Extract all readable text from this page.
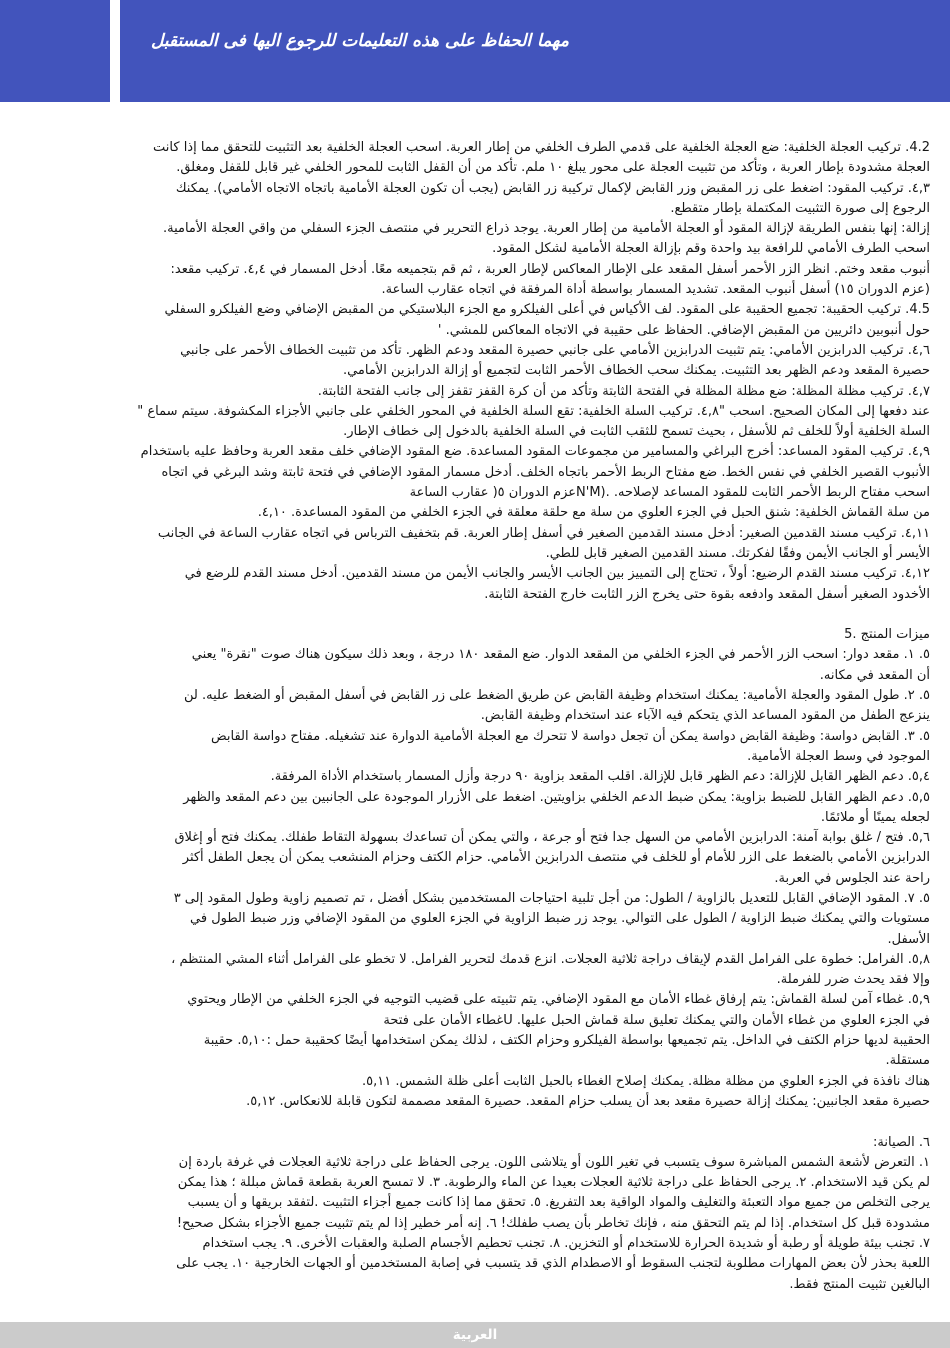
مهما الحفاظ على هذه التعليمات للرجوع اليها فى المستقبل
4.2. تركيب العجلة الخلفية: ضع العجلة الخلفية على قدمي الطرف الخلفي من إطار العربة. اسحب العجلة الخلفية بعد التثبيت للتحقق مما إذا كانت
العجلة مشدودة بإطار العربة ، وتأكد من تثبيت العجلة على محور يبلغ ١٠ ملم. تأكد من أن القفل الثابت للمحور الخلفي غير قابل للقفل ومغلق.
٤,٣. تركيب المقود: اضغط على زر المقبض وزر القابض لإكمال تركيبة زر القابض (يجب أن تكون العجلة الأمامية باتجاه الاتجاه الأمامي). يمكنك
الرجوع إلى صورة التثبيت المكتملة بإطار متقطع.
إزالة: إنها بنفس الطريقة لإزالة المقود أو العجلة الأمامية من إطار العربة. يوجد ذراع التحرير في منتصف الجزء السفلي من واقي العجلة الأمامية.
اسحب الطرف الأمامي للرافعة بيد واحدة وقم بإزالة العجلة الأمامية لشكل المقود.
أنبوب مقعد وختم. انظر الزر الأحمر أسفل المقعد على الإطار المعاكس لإطار العربة ، ثم قم بتجميعه معًا. أدخل المسمار في ٤,٤. تركيب مقعد:
(عزم الدوران ١٥) أسفل أنبوب المقعد. تشديد المسمار بواسطة أداة المرفقة في اتجاه عقارب الساعة.
4.5. تركيب الحقيبة: تجميع الحقيبة على المقود. لف الأكياس في أعلى الفيلكرو مع الجزء البلاستيكي من المقبض الإضافي وضع الفيلكرو السفلي
حول أنبوبين دائريين من المقبض الإضافي. الحفاظ على حقيبة في الاتجاه المعاكس للمشي. '
٤,٦. تركيب الدرابزين الأمامي: يتم تثبيت الدرابزين الأمامي على جانبي حصيرة المقعد ودعم الظهر. تأكد من تثبيت الخطاف الأحمر على جانبي
حصيرة المقعد ودعم الظهر بعد التثبيت. يمكنك سحب الخطاف الأحمر الثابت لتجميع أو إزالة الدرابزين الأمامي.
٤,٧. تركيب مظلة المظلة: ضع مظلة المظلة في الفتحة الثابتة وتأكد من أن كرة القفز تقفز إلى جانب الفتحة الثابتة.
عند دفعها إلى المكان الصحيح. اسحب "٤,٨. تركيب السلة الخلفية: تقع السلة الخلفية في المحور الخلفي على جانبي الأجزاء المكشوفة. سيتم سماع "
السلة الخلفية أولاً للخلف ثم للأسفل ، بحيث تسمح للثقب الثابت في السلة الخلفية بالدخول إلى خطاف الإطار.
٤,٩. تركيب المقود المساعد: أخرج البراغي والمسامير من مجموعات المقود المساعدة. ضع المقود الإضافي خلف مقعد العربة وحافظ عليه باستخدام
الأنبوب القصير الخلفي في نفس الخط. ضع مفتاح الربط الأحمر باتجاه الخلف. أدخل مسمار المقود الإضافي في فتحة ثابتة وشد البرغي في اتجاه
اسحب مفتاح الربط الأحمر الثابت للمقود المساعد لإصلاحه. .(N'Mعزم الدوران ٥( عقارب الساعة
من سلة القماش الخلفية: شنق الحبل في الجزء العلوي من سلة مع حلقة معلقة في الجزء الخلفي من المقود المساعدة. ٤,١٠.
٤,١١. تركيب مسند القدمين الصغير: أدخل مسند القدمين الصغير في أسفل إطار العربة. قم بتخفيف الترباس في اتجاه عقارب الساعة في الجانب
الأيسر أو الجانب الأيمن وفقًا لفكرتك. مسند القدمين الصغير قابل للطي.
٤,١٢. تركيب مسند القدم الرضيع: أولاً ، تحتاج إلى التمييز بين الجانب الأيسر والجانب الأيمن من مسند القدمين. أدخل مسند القدم للرضع في
الأخدود الصغير أسفل المقعد وادفعه بقوة حتى يخرج الزر الثابت خارج الفتحة الثابتة.

ميزات المنتج .5
٥. ١. مقعد دوار: اسحب الزر الأحمر في الجزء الخلفي من المقعد الدوار. ضع المقعد ١٨٠ درجة ، وبعد ذلك سيكون هناك صوت "نقرة" يعني
أن المقعد في مكانه.
٥. ٢. طول المقود والعجلة الأمامية: يمكنك استخدام وظيفة القابض عن طريق الضغط على زر القابض في أسفل المقبض أو الضغط عليه. لن
ينزعج الطفل من المقود المساعد الذي يتحكم فيه الآباء عند استخدام وظيفة القابض.
٥. ٣. القابض دواسة: وظيفة القابض دواسة يمكن أن تجعل دواسة لا تتحرك مع العجلة الأمامية الدوارة عند تشغيله. مفتاح دواسة القابض
الموجود في وسط العجلة الأمامية.
٥,٤. دعم الظهر القابل للإزالة: دعم الظهر قابل للإزالة. اقلب المقعد بزاوية ٩٠ درجة وأزل المسمار باستخدام الأداة المرفقة.
٥,٥. دعم الظهر القابل للضبط بزاوية: يمكن ضبط الدعم الخلفي بزاويتين. اضغط على الأزرار الموجودة على الجانبين بين دعم المقعد والظهر
لجعله يمينًا أو ملائمًا.
٥,٦. فتح / غلق بوابة آمنة: الدرابزين الأمامي من السهل جدا فتح أو جرعة ، والتي يمكن أن تساعدك بسهولة التقاط طفلك. يمكنك فتح أو إغلاق
الدرابزين الأمامي بالضغط على الزر للأمام أو للخلف في منتصف الدرابزين الأمامي. حزام الكتف وحزام المنشعب يمكن أن يجعل الطفل أكثر
راحة عند الجلوس في العربة.
٥. ٧. المقود الإضافي القابل للتعديل بالزاوية / الطول: من أجل تلبية احتياجات المستخدمين بشكل أفضل ، تم تصميم زاوية وطول المقود إلى ٣
مستويات والتي يمكنك ضبط الزاوية / الطول على التوالي. يوجد زر ضبط الزاوية في الجزء العلوي من المقود الإضافي وزر ضبط الطول في
الأسفل.
٥,٨. الفرامل: خطوة على الفرامل القدم لإيقاف دراجة ثلاثية العجلات. انزع قدمك لتحرير الفرامل. لا تخطو على الفرامل أثناء المشي المنتظم ،
وإلا فقد يحدث ضرر للفرملة.
٥,٩. غطاء آمن لسلة القماش: يتم إرفاق غطاء الأمان مع المقود الإضافي. يتم تثبيته على قضيب التوجيه في الجزء الخلفي من الإطار ويحتوي
في الجزء العلوي من غطاء الأمان والتي يمكنك تعليق سلة قماش الحبل عليها. Uغطاء الأمان على فتحة
الحقيبة لديها حزام الكتف في الداخل. يتم تجميعها بواسطة الفيلكرو وحزام الكتف ، لذلك يمكن استخدامها أيضًا كحقيبة حمل :٥,١٠. حقيبة
مستقلة.
هناك نافذة في الجزء العلوي من مظلة مظلة. يمكنك إصلاح الغطاء بالحبل الثابت أعلى ظلة الشمس. ٥,١١.
حصيرة مقعد الجانبين: يمكنك إزالة حصيرة مقعد بعد أن يسلب حزام المقعد. حصيرة المقعد مصممة لتكون قابلة للانعكاس. ٥,١٢.

٦. الصيانة:
١. التعرض لأشعة الشمس المباشرة سوف يتسبب في تغير اللون أو يتلاشى اللون. يرجى الحفاظ على دراجة ثلاثية العجلات في غرفة باردة إن
لم يكن قيد الاستخدام. ٢. يرجى الحفاظ على دراجة ثلاثية العجلات بعيدا عن الماء والرطوبة. ٣. لا تمسح العربة بقطعة قماش مبللة ؛ هذا يمكن
يرجى التخلص من جميع مواد التعبئة والتغليف والمواد الواقية بعد التفريغ. ٥. تحقق مما إذا كانت جميع أجزاء التثبيت .لتفقد بريقها و أن يسبب
مشدودة قبل كل استخدام. إذا لم يتم التحقق منه ، فإنك تخاطر بأن يصب طفلك! ٦. إنه أمر خطير إذا لم يتم تثبيت جميع الأجزاء بشكل صحيح!
٧. تجنب بيئة طويلة أو رطبة أو شديدة الحرارة للاستخدام أو التخزين. ٨. تجنب تحطيم الأجسام الصلبة والعقبات الأخرى. ٩. يجب استخدام
اللعبة بحذر لأن بعض المهارات مطلوبة لتجنب السقوط أو الاصطدام الذي قد يتسبب في إصابة المستخدمين أو الجهات الخارجية ١٠. يجب على
البالغين تثبيت المنتج فقط.
العربية
